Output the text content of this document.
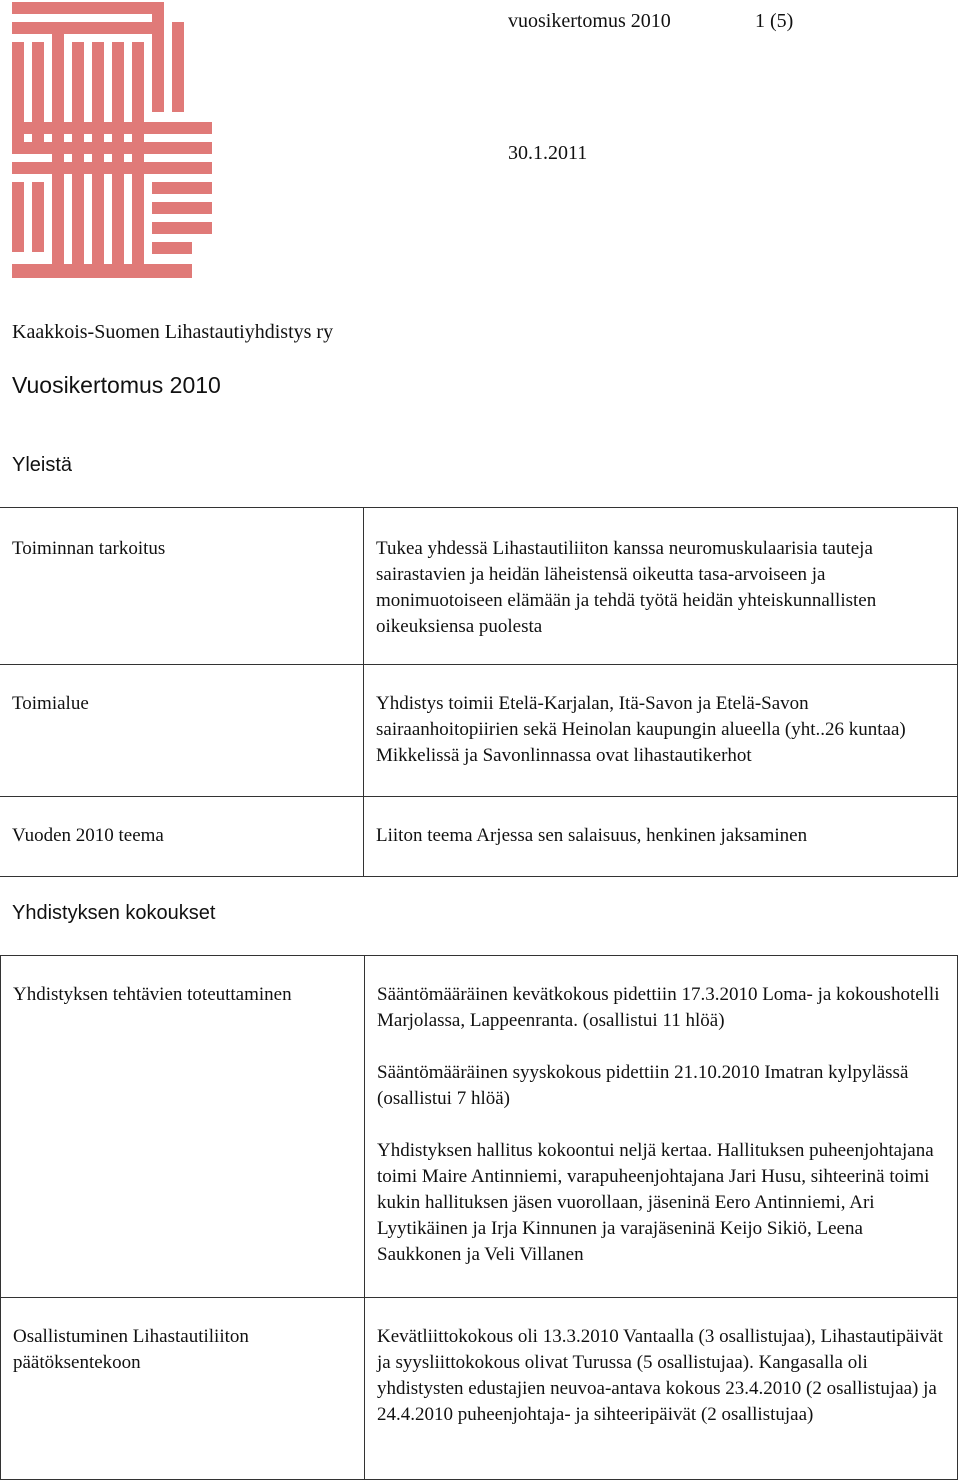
vuosikertomus 2010	1 (5)
30.1.2011
Kaakkois-Suomen Lihastautiyhdistys ry
Vuosikertomus 2010
Yleistä
Toiminnan tarkoitus	Tukea yhdessä Lihastautiliiton kanssa neuromuskulaarisia tauteja sairastavien ja heidän läheistensä oikeutta tasa-arvoiseen ja monimuotoiseen elämään ja tehdä työtä heidän yhteiskunnallisten oikeuksiensa puolesta
Toimialue	Yhdistys toimii Etelä-Karjalan, Itä-Savon ja Etelä-Savon sairaanhoitopiirien sekä Heinolan kaupungin alueella (yht..26 kuntaa) Mikkelissä ja Savonlinnassa ovat lihastautikerhot
Vuoden 2010 teema	Liiton teema Arjessa sen salaisuus, henkinen jaksaminen
Yhdistyksen kokoukset
Yhdistyksen tehtävien toteuttaminen	Sääntömääräinen kevätkokous pidettiin 17.3.2010 Loma- ja kokoushotelli Marjolassa, Lappeenranta. (osallistui 11 hlöä)
Sääntömääräinen syyskokous pidettiin 21.10.2010 Imatran kylpylässä (osallistui 7 hlöä)
Yhdistyksen hallitus kokoontui neljä kertaa. Hallituksen puheenjohtajana toimi Maire Antinniemi, varapuheenjohtajana Jari Husu, sihteerinä toimi kukin hallituksen jäsen vuorollaan, jäseninä Eero Antinniemi, Ari Lyytikäinen ja Irja Kinnunen ja varajäseninä Keijo Sikiö, Leena Saukkonen ja Veli Villanen

Osallistuminen Lihastautiliiton päätöksentekoon	Kevätliittokokous oli 13.3.2010 Vantaalla (3 osallistujaa), Lihastautipäivät ja syysliittokokous olivat Turussa (5 osallistujaa). Kangasalla oli yhdistysten edustajien neuvoa-antava kokous 23.4.2010 (2 osallistujaa) ja 24.4.2010 puheenjohtaja- ja sihteeripäivät (2 osallistujaa)
